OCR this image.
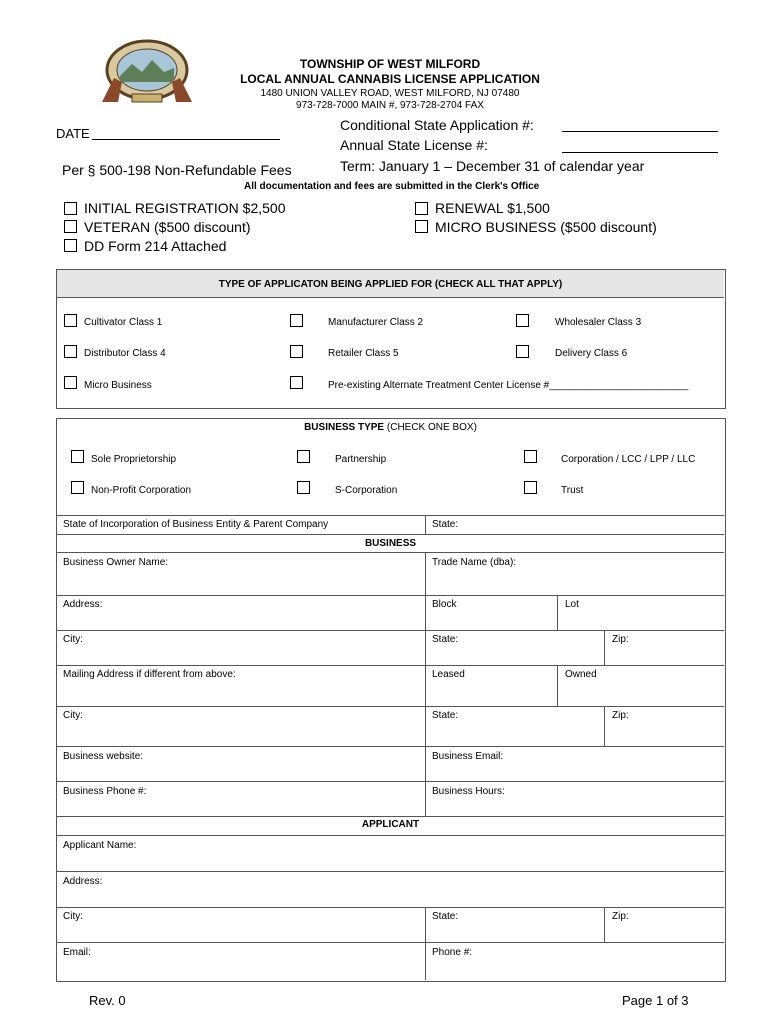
TOWNSHIP OF WEST MILFORD
LOCAL ANNUAL CANNABIS LICENSE APPLICATION
1480 UNION VALLEY ROAD, WEST MILFORD, NJ 07480
973-728-7000 MAIN #, 973-728-2704 FAX
DATE
Conditional State Application #:
Annual State License #:
Per § 500-198 Non-Refundable Fees	Term: January 1 – December 31 of calendar year
All documentation and fees are submitted in the Clerk's Office
INITIAL REGISTRATION $2,500
VETERAN ($500 discount)
DD Form 214 Attached
RENEWAL $1,500
MICRO BUSINESS ($500 discount)
TYPE OF APPLICATON BEING APPLIED FOR (CHECK ALL THAT APPLY)
Cultivator Class 1	Manufacturer Class 2	Wholesaler Class 3
Distributor Class 4	Retailer Class 5	Delivery Class 6
Micro Business	Pre-existing Alternate Treatment Center License #_________________________
BUSINESS TYPE (CHECK ONE BOX)
Sole Proprietorship	Partnership	Corporation / LCC / LPP / LLC
Non-Profit Corporation	S-Corporation	Trust
State of Incorporation of Business Entity & Parent Company	State:
BUSINESS
Business Owner Name:	Trade Name (dba):
Address:	Block	Lot
City:	State:	Zip:
Mailing Address if different from above:	Leased	Owned
City:	State:	Zip:
Business website:	Business Email:
Business Phone #:	Business Hours:
APPLICANT
Applicant Name:
Address:
City:	State:	Zip:
Email:	Phone #:
Rev. 0	Page 1 of 3
